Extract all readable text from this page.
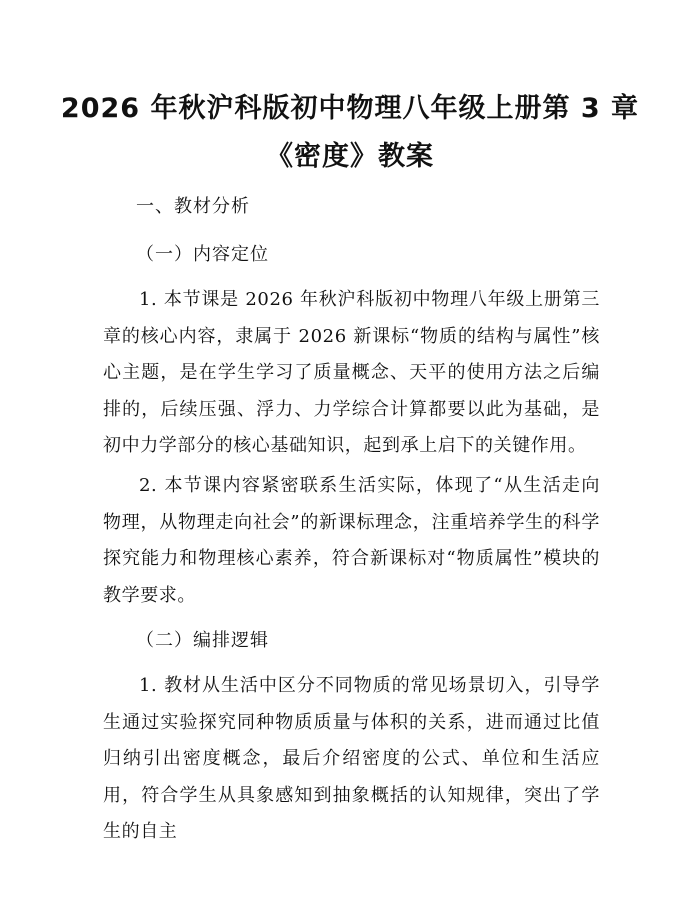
2026 年秋沪科版初中物理八年级上册第 3 章
《密度》教案

一、教材分析

（一）内容定位

1. 本节课是 2026 年秋沪科版初中物理八年级上册第三章的核心内容，隶属于 2026 新课标“物质的结构与属性”核心主题，是在学生学习了质量概念、天平的使用方法之后编排的，后续压强、浮力、力学综合计算都要以此为基础，是初中力学部分的核心基础知识，起到承上启下的关键作用。

2. 本节课内容紧密联系生活实际，体现了“从生活走向物理，从物理走向社会”的新课标理念，注重培养学生的科学探究能力和物理核心素养，符合新课标对“物质属性”模块的教学要求。

（二）编排逻辑

1. 教材从生活中区分不同物质的常见场景切入，引导学生通过实验探究同种物质质量与体积的关系，进而通过比值归纳引出密度概念，最后介绍密度的公式、单位和生活应用，符合学生从具象感知到抽象概括的认知规律，突出了学生的自主
